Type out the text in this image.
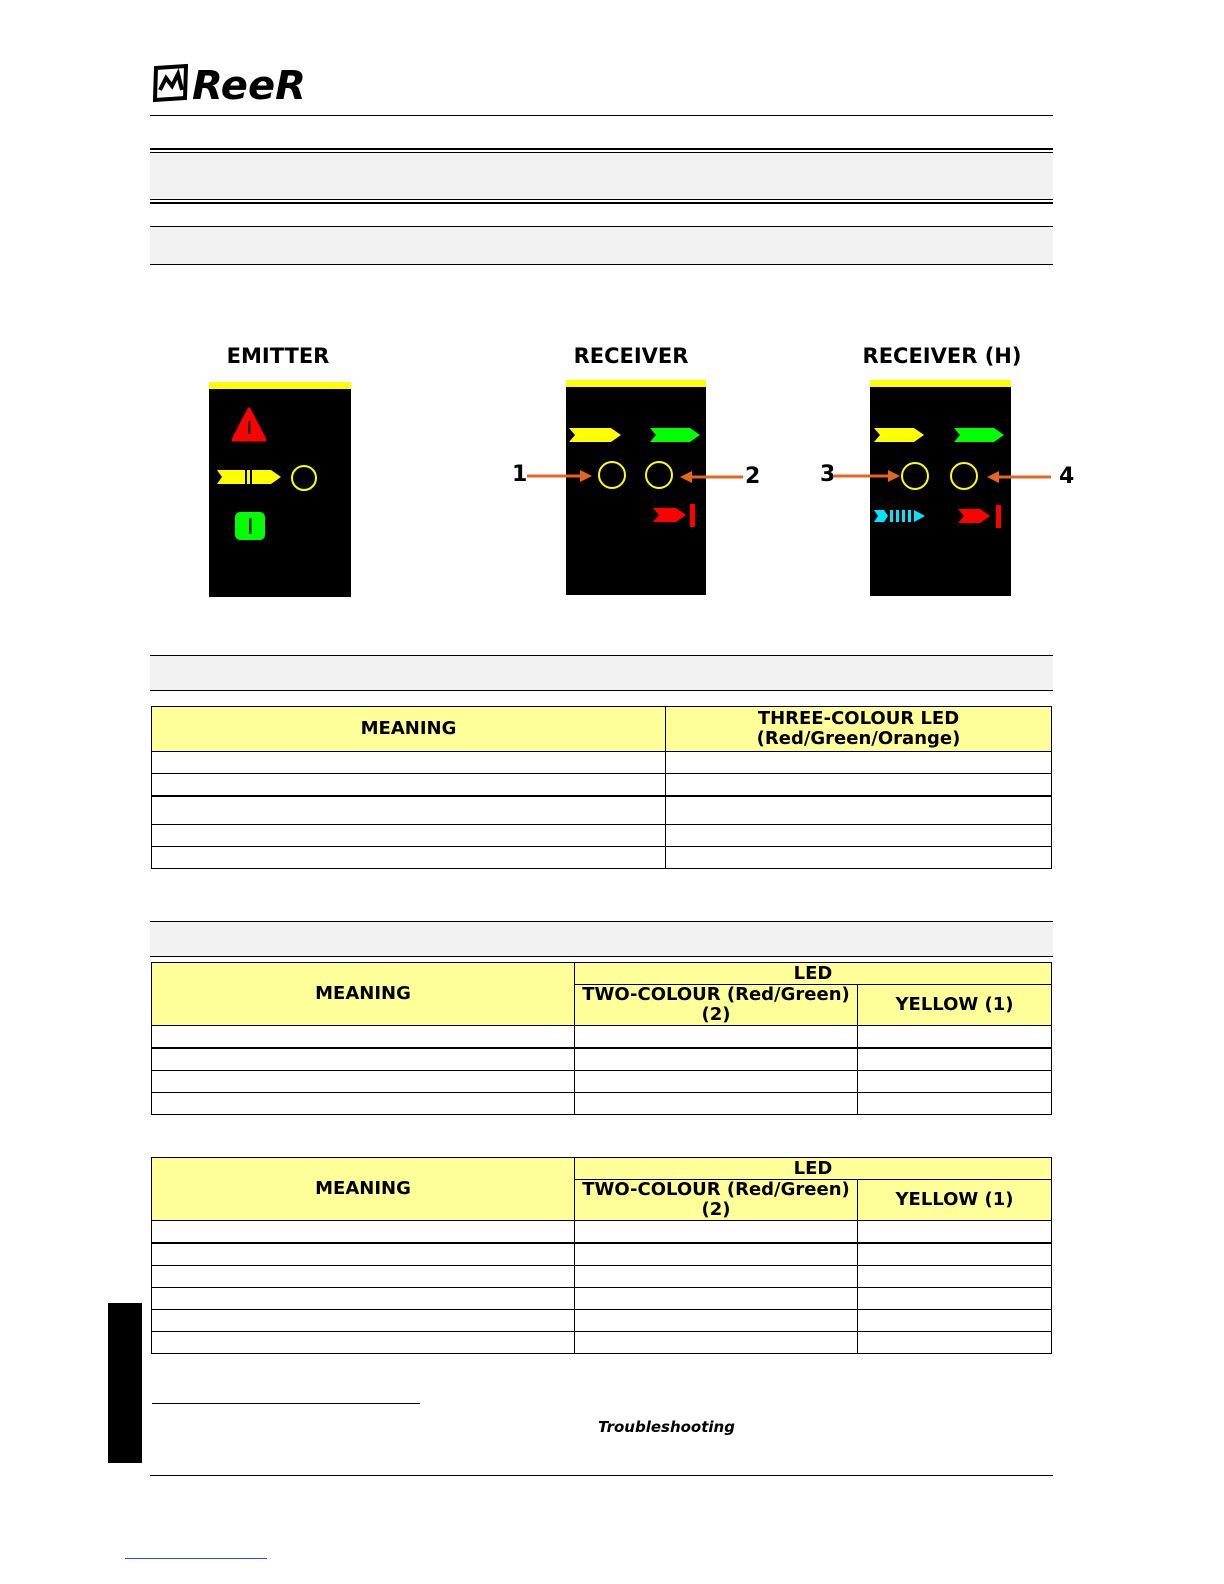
ReeR
EMITTER	RECEIVER	RECEIVER (H)
1	2	3	4
MEANING	THREE-COLOUR LED
(Red/Green/Orange)

MEANING	LED	
	TWO-COLOUR (Red/Green) (2)	YELLOW (1)

MEANING	LED	
	TWO-COLOUR (Red/Green) (2)	YELLOW (1)

Troubleshooting
